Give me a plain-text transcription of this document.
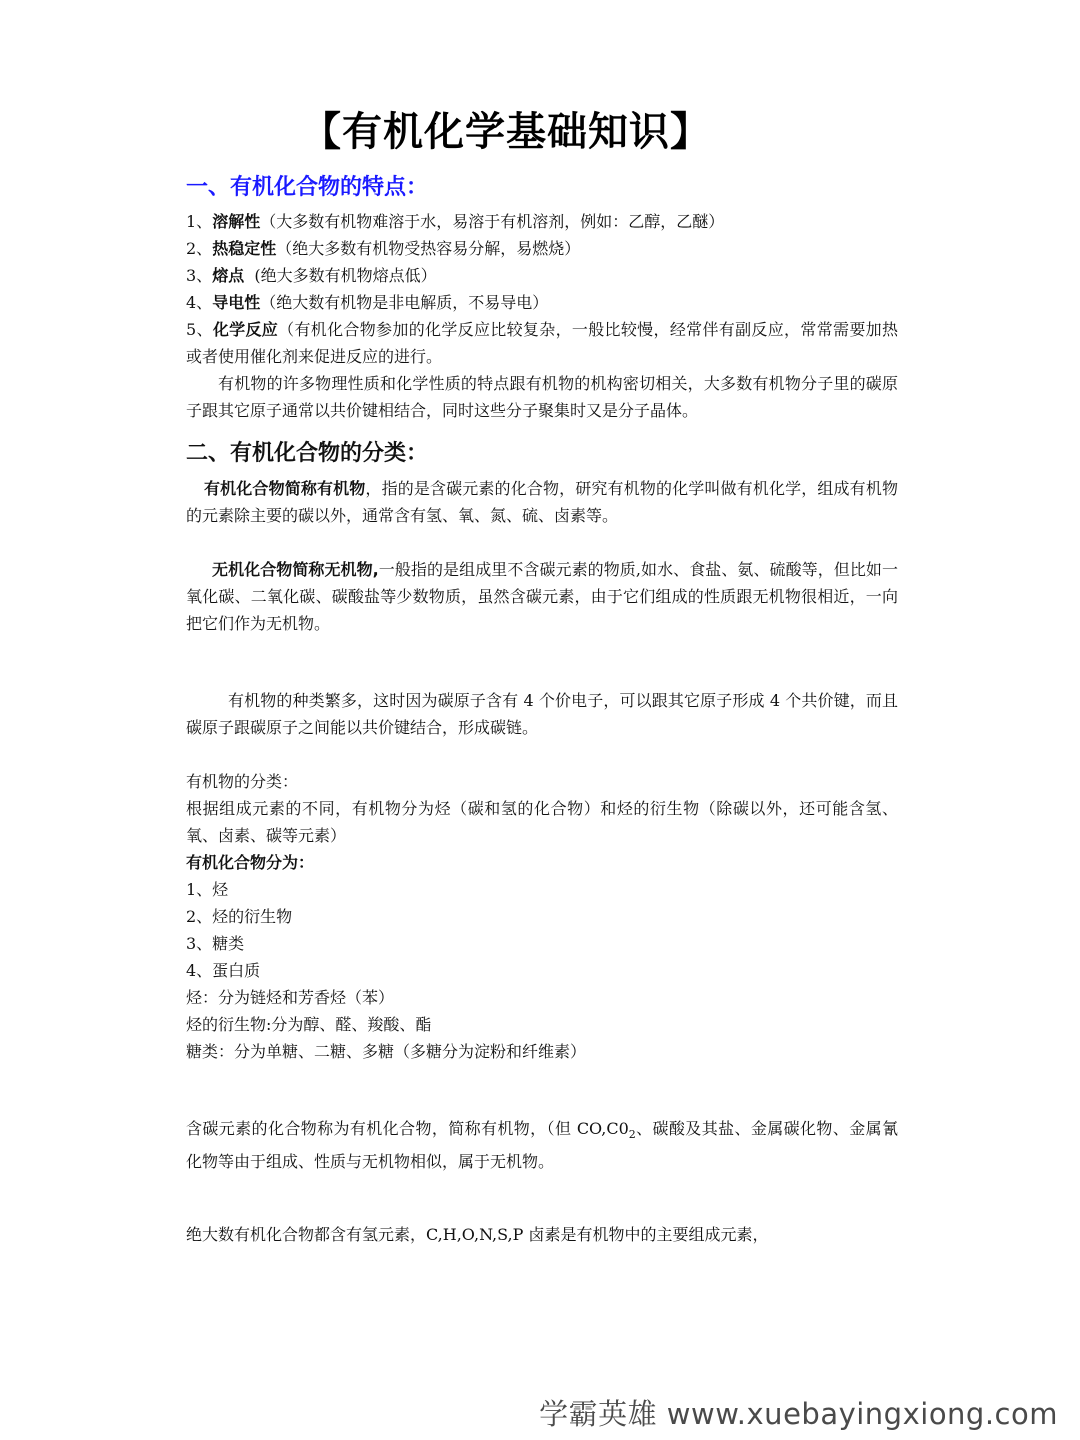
【有机化学基础知识】
一、有机化合物的特点：

1、溶解性（大多数有机物难溶于水，易溶于有机溶剂，例如：乙醇，乙醚）

2、热稳定性（绝大多数有机物受热容易分解，易燃烧）

3、熔点  (绝大多数有机物熔点低）

4、导电性（绝大数有机物是非电解质，不易导电）

5、化学反应（有机化合物参加的化学反应比较复杂，一般比较慢，经常伴有副反应，常常需要加热或者使用催化剂来促进反应的进行。

有机物的许多物理性质和化学性质的特点跟有机物的机构密切相关，大多数有机物分子里的碳原子跟其它原子通常以共价键相结合，同时这些分子聚集时又是分子晶体。

二、有机化合物的分类：

有机化合物简称有机物，指的是含碳元素的化合物，研究有机物的化学叫做有机化学，组成有机物的元素除主要的碳以外，通常含有氢、氧、氮、硫、卤素等。

无机化合物简称无机物,一般指的是组成里不含碳元素的物质,如水、食盐、氨、硫酸等，但比如一氧化碳、二氧化碳、碳酸盐等少数物质，虽然含碳元素，由于它们组成的性质跟无机物很相近，一向把它们作为无机物。

有机物的种类繁多，这时因为碳原子含有 4 个价电子，可以跟其它原子形成 4 个共价键，而且碳原子跟碳原子之间能以共价键结合，形成碳链。

有机物的分类：

根据组成元素的不同，有机物分为烃（碳和氢的化合物）和烃的衍生物（除碳以外，还可能含氢、氧、卤素、碳等元素）

有机化合物分为：

1、烃

2、烃的衍生物

3、糖类

4、蛋白质

烃：分为链烃和芳香烃（苯）

烃的衍生物:分为醇、醛、羧酸、酯

糖类：分为单糖、二糖、多糖（多糖分为淀粉和纤维素）

含碳元素的化合物称为有机化合物，简称有机物，（但 $CO,C0_2$、碳酸及其盐、金属碳化物、金属氰化物等由于组成、性质与无机物相似，属于无机物。

绝大数有机化合物都含有氢元素，C,H,O,N,S,P 卤素是有机物中的主要组成元素，

学霸英雄 www.xuebayingxiong.com
